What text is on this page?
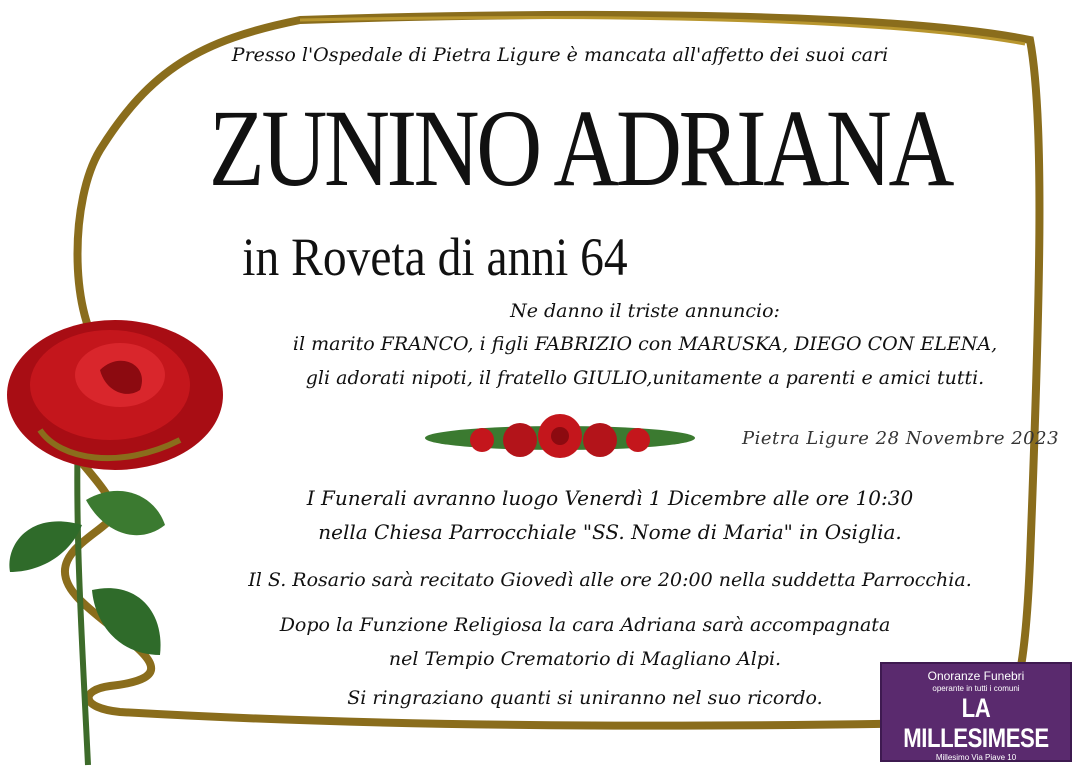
Presso l'Ospedale di Pietra Ligure è mancata all'affetto dei suoi cari
ZUNINO ADRIANA
in Roveta di anni 64
Ne danno il triste annuncio:
il marito FRANCO, i figli FABRIZIO con MARUSKA, DIEGO CON ELENA,
gli adorati nipoti, il fratello GIULIO,unitamente a parenti e amici tutti.
Pietra Ligure 28 Novembre 2023
I Funerali avranno luogo Venerdì 1 Dicembre alle ore 10:30
nella Chiesa Parrocchiale "SS. Nome di Maria" in Osiglia.
Il S. Rosario sarà recitato Giovedì alle ore 20:00 nella suddetta Parrocchia.
Dopo la Funzione Religiosa la cara Adriana sarà accompagnata
nel Tempio Crematorio di Magliano Alpi.
Si ringraziano quanti si uniranno nel suo ricordo.
Onoranze Funebri
operante in tutti i comuni
LA MILLESIMESE
Millesimo Via Piave 10
Nadia e Flavio Martino
Tel. 338 2099781
